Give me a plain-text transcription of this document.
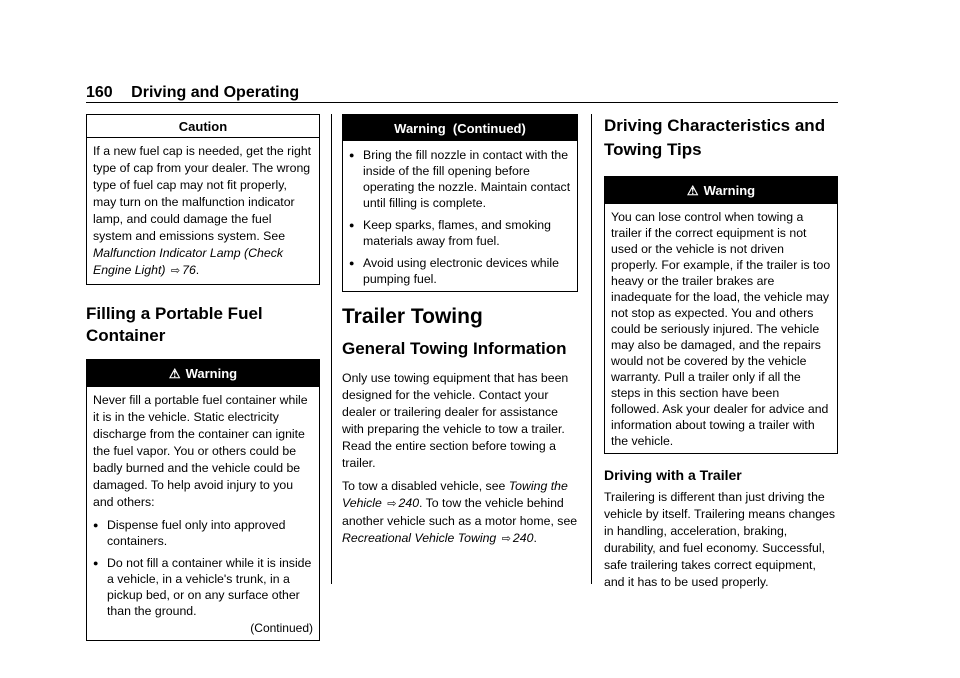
160 Driving and Operating
Caution

If a new fuel cap is needed, get the right type of cap from your dealer. The wrong type of fuel cap may not fit properly, may turn on the malfunction indicator lamp, and could damage the fuel system and emissions system. See Malfunction Indicator Lamp (Check Engine Light) ⇨ 76.

Filling a Portable Fuel Container
⚠ Warning

Never fill a portable fuel container while it is in the vehicle. Static electricity discharge from the container can ignite the fuel vapor. You or others could be badly burned and the vehicle could be damaged. To help avoid injury to you and others:

● Dispense fuel only into approved containers.
● Do not fill a container while it is inside a vehicle, in a vehicle's trunk, in a pickup bed, or on any surface other than the ground.
(Continued)
Warning  (Continued)
● Bring the fill nozzle in contact with the inside of the fill opening before operating the nozzle. Maintain contact until filling is complete.
● Keep sparks, flames, and smoking materials away from fuel.
● Avoid using electronic devices while pumping fuel.
Trailer Towing
General Towing Information

Only use towing equipment that has been designed for the vehicle. Contact your dealer or trailering dealer for assistance with preparing the vehicle to tow a trailer. Read the entire section before towing a trailer.

To tow a disabled vehicle, see Towing the Vehicle ⇨ 240. To tow the vehicle behind another vehicle such as a motor home, see Recreational Vehicle Towing ⇨ 240.

Driving Characteristics and Towing Tips
⚠ Warning

You can lose control when towing a trailer if the correct equipment is not used or the vehicle is not driven properly. For example, if the trailer is too heavy or the trailer brakes are inadequate for the load, the vehicle may not stop as expected. You and others could be seriously injured. The vehicle may also be damaged, and the repairs would not be covered by the vehicle warranty. Pull a trailer only if all the steps in this section have been followed. Ask your dealer for advice and information about towing a trailer with the vehicle.

Driving with a Trailer

Trailering is different than just driving the vehicle by itself. Trailering means changes in handling, acceleration, braking, durability, and fuel economy. Successful, safe trailering takes correct equipment, and it has to be used properly.
